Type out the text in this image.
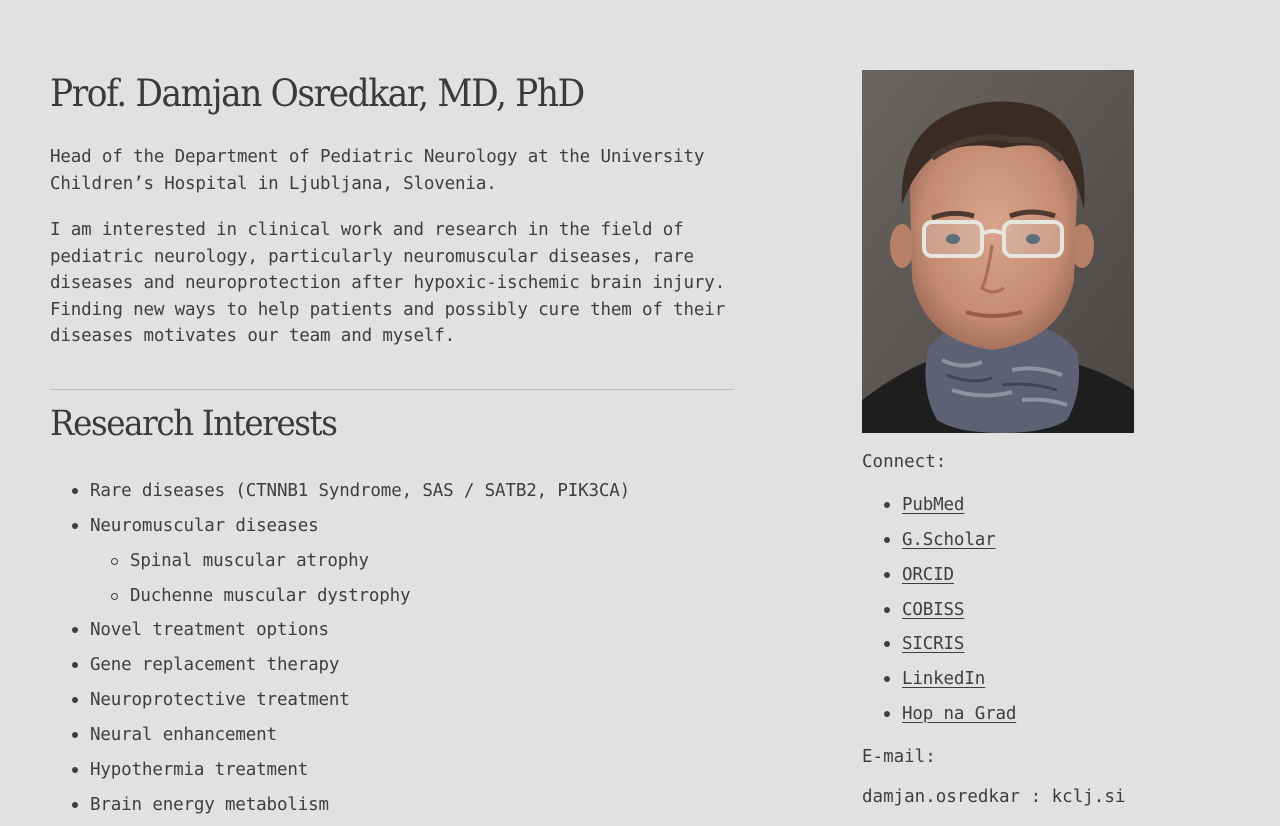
Prof. Damjan Osredkar, MD, PhD

Head of the Department of Pediatric Neurology at the University Children’s Hospital in Ljubljana, Slovenia.

I am interested in clinical work and research in the field of pediatric neurology, particularly neuromuscular diseases, rare diseases and neuroprotection after hypoxic-ischemic brain injury. Finding new ways to help patients and possibly cure them of their diseases motivates our team and myself.

Research Interests
Rare diseases (CTNNB1 Syndrome, SAS / SATB2, PIK3CA)
Neuromuscular diseases
Spinal muscular atrophy
Duchenne muscular dystrophy
Novel treatment options
Gene replacement therapy
Neuroprotective treatment
Neural enhancement
Hypothermia treatment
Brain energy metabolism
Connect:
PubMed
G.Scholar
ORCID
COBISS
SICRIS
LinkedIn
Hop na Grad
E-mail:
damjan.osredkar : kclj.si
